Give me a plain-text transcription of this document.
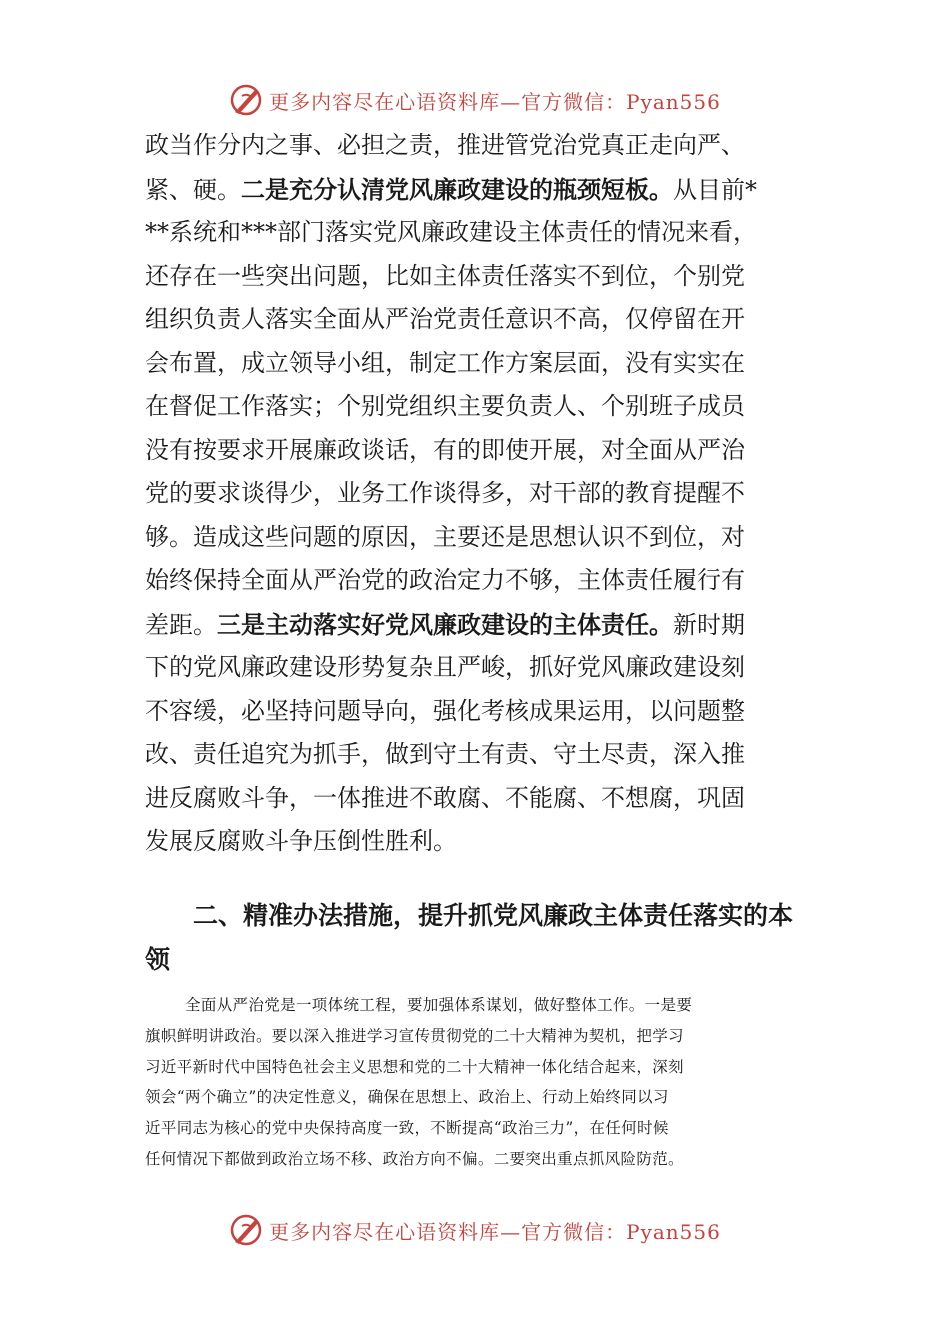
更多内容尽在心语资料库—官方微信：Pyan556
政当作分内之事、必担之责，推进管党治党真正走向严、
紧、硬。二是充分认清党风廉政建设的瓶颈短板。从目前*
**系统和***部门落实党风廉政建设主体责任的情况来看，
还存在一些突出问题，比如主体责任落实不到位，个别党
组织负责人落实全面从严治党责任意识不高，仅停留在开
会布置，成立领导小组，制定工作方案层面，没有实实在
在督促工作落实；个别党组织主要负责人、个别班子成员
没有按要求开展廉政谈话，有的即使开展，对全面从严治
党的要求谈得少，业务工作谈得多，对干部的教育提醒不
够。造成这些问题的原因，主要还是思想认识不到位，对
始终保持全面从严治党的政治定力不够，主体责任履行有
差距。三是主动落实好党风廉政建设的主体责任。新时期
下的党风廉政建设形势复杂且严峻，抓好党风廉政建设刻
不容缓，必坚持问题导向，强化考核成果运用，以问题整
改、责任追究为抓手，做到守土有责、守土尽责，深入推
进反腐败斗争，一体推进不敢腐、不能腐、不想腐，巩固
发展反腐败斗争压倒性胜利。
二、精准办法措施，提升抓党风廉政主体责任落实的本
领
全面从严治党是一项体统工程，要加强体系谋划，做好整体工作。一是要
旗帜鲜明讲政治。要以深入推进学习宣传贯彻党的二十大精神为契机，把学习
习近平新时代中国特色社会主义思想和党的二十大精神一体化结合起来，深刻
领会“两个确立”的决定性意义，确保在思想上、政治上、行动上始终同以习
近平同志为核心的党中央保持高度一致，不断提高“政治三力”，在任何时候
任何情况下都做到政治立场不移、政治方向不偏。二要突出重点抓风险防范。
更多内容尽在心语资料库—官方微信：Pyan556
